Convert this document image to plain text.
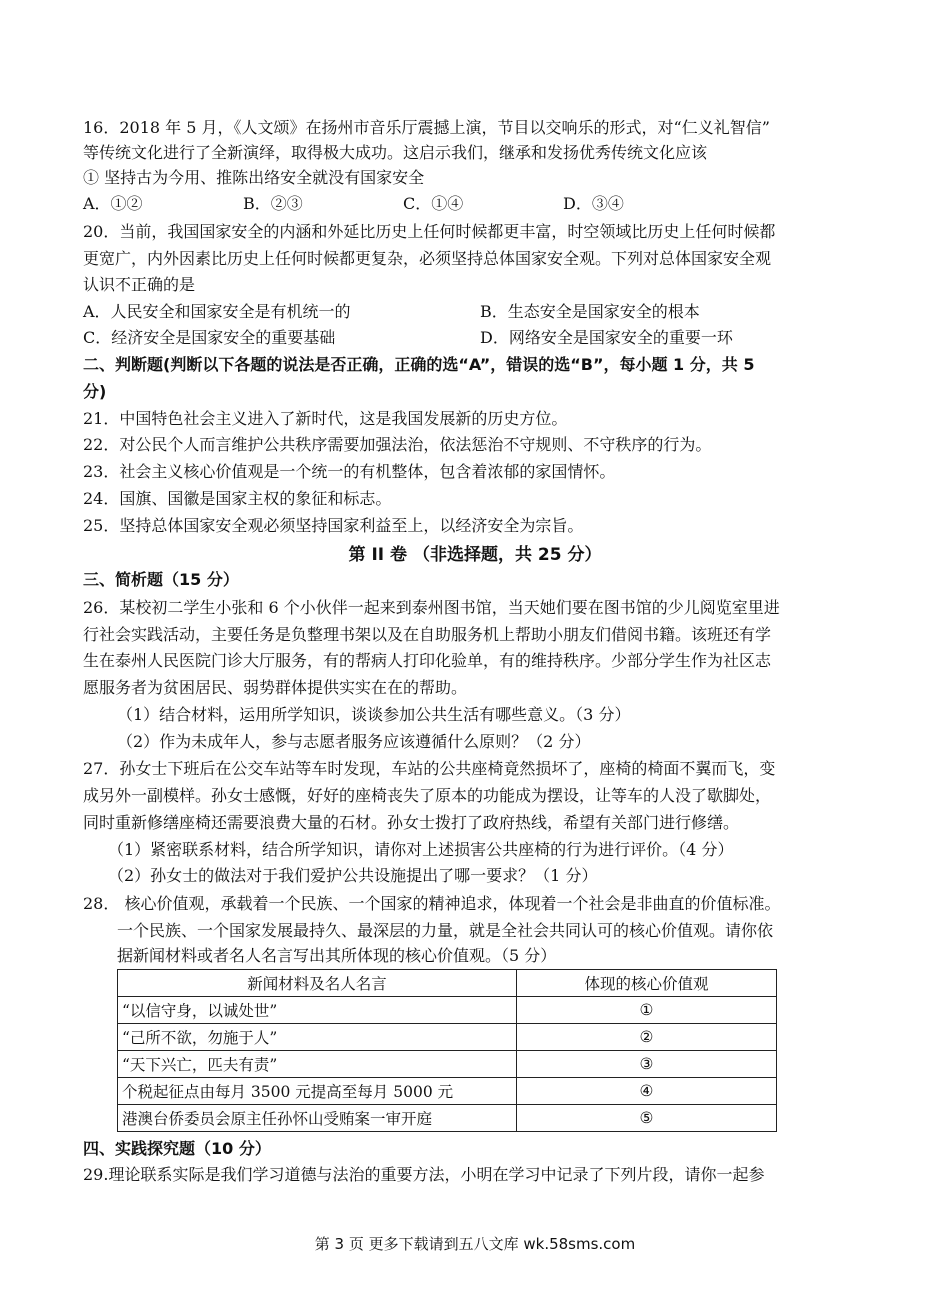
16．2018 年 5 月，《人文颂》在扬州市音乐厅震撼上演，节目以交响乐的形式，对“仁义礼智信”
等传统文化进行了全新演绎，取得极大成功。这启示我们，继承和发扬优秀传统文化应该
① 坚持古为今用、推陈出络安全就没有国家安全
A．①②	B．②③	C．①④	D．③④
20．当前，我国国家安全的内涵和外延比历史上任何时候都更丰富，时空领域比历史上任何时候都
更宽广，内外因素比历史上任何时候都更复杂，必须坚持总体国家安全观。下列对总体国家安全观
认识不正确的是
A．人民安全和国家安全是有机统一的	B．生态安全是国家安全的根本
C．经济安全是国家安全的重要基础	D．网络安全是国家安全的重要一环
二、判断题(判断以下各题的说法是否正确，正确的选“A”，错误的选“B”，每小题 1 分，共 5
分)
21．中国特色社会主义进入了新时代，这是我国发展新的历史方位。
22．对公民个人而言维护公共秩序需要加强法治，依法惩治不守规则、不守秩序的行为。
23．社会主义核心价值观是一个统一的有机整体，包含着浓郁的家国情怀。
24．国旗、国徽是国家主权的象征和标志。
25．坚持总体国家安全观必须坚持国家利益至上，以经济安全为宗旨。
第 II 卷 （非选择题，共 25 分）
三、简析题（15 分）
26．某校初二学生小张和 6 个小伙伴一起来到泰州图书馆，当天她们要在图书馆的少儿阅览室里进
行社会实践活动，主要任务是负整理书架以及在自助服务机上帮助小朋友们借阅书籍。该班还有学
生在泰州人民医院门诊大厅服务，有的帮病人打印化验单，有的维持秩序。少部分学生作为社区志
愿服务者为贫困居民、弱势群体提供实实在在的帮助。
（1）结合材料，运用所学知识，谈谈参加公共生活有哪些意义。（3 分）
（2）作为未成年人，参与志愿者服务应该遵循什么原则？（2 分）
27．孙女士下班后在公交车站等车时发现，车站的公共座椅竟然损坏了，座椅的椅面不翼而飞，变
成另外一副模样。孙女士感慨，好好的座椅丧失了原本的功能成为摆设，让等车的人没了歇脚处，
同时重新修缮座椅还需要浪费大量的石材。孙女士拨打了政府热线，希望有关部门进行修缮。
（1）紧密联系材料，结合所学知识，请你对上述损害公共座椅的行为进行评价。（4 分）
（2）孙女士的做法对于我们爱护公共设施提出了哪一要求？（1 分）
28． 核心价值观，承载着一个民族、一个国家的精神追求，体现着一个社会是非曲直的价值标准。
一个民族、一个国家发展最持久、最深层的力量，就是全社会共同认可的核心价值观。请你依
据新闻材料或者名人名言写出其所体现的核心价值观。（5 分）
新闻材料及名人名言	体现的核心价值观
“以信守身，以诚处世”	①
“己所不欲，勿施于人”	②
“天下兴亡，匹夫有责”	③
个税起征点由每月 3500 元提高至每月 5000 元	④
港澳台侨委员会原主任孙怀山受贿案一审开庭	⑤
四、实践探究题（10 分）
29.理论联系实际是我们学习道德与法治的重要方法，小明在学习中记录了下列片段，请你一起参
第 3 页 更多下载请到五八文库 wk.58sms.com
